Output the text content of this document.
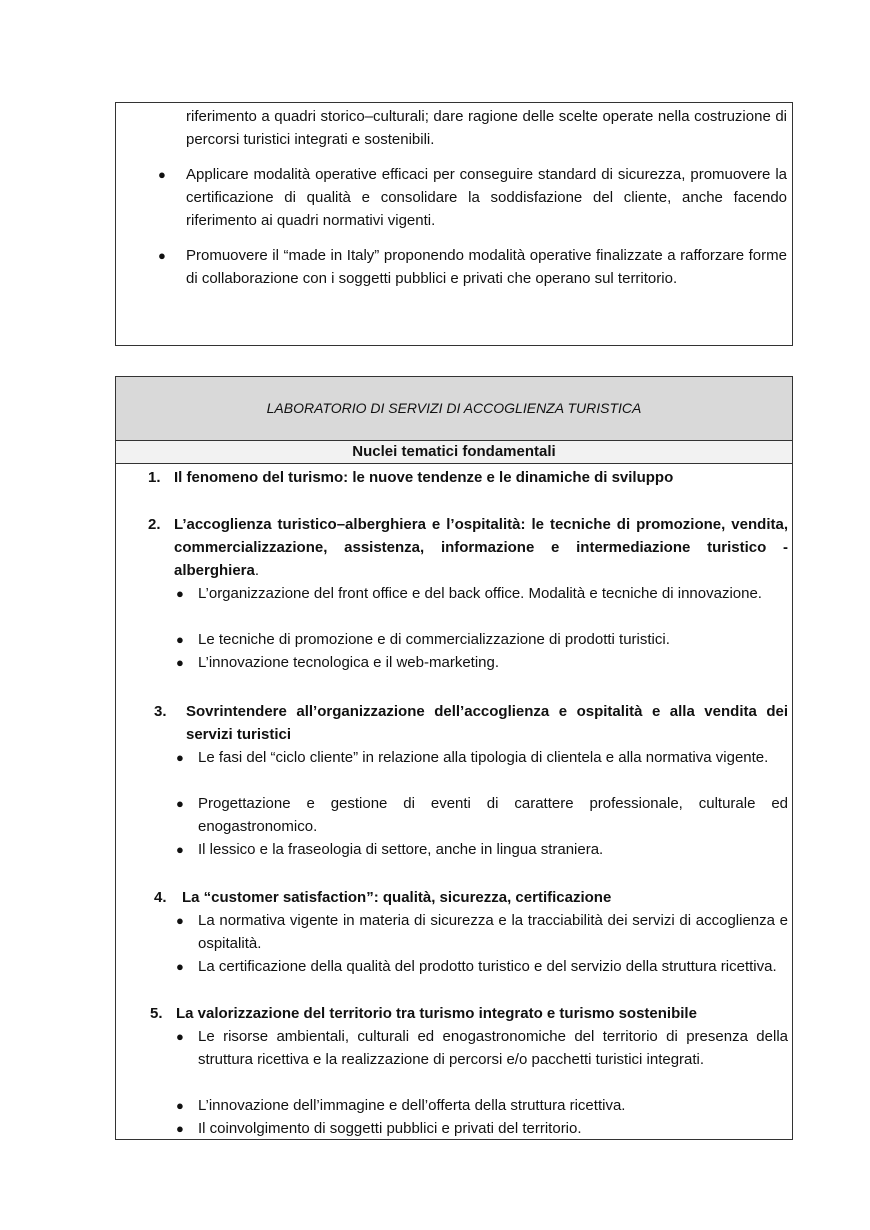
riferimento a quadri storico–culturali; dare ragione delle scelte operate nella costruzione di percorsi turistici integrati e sostenibili.

● Applicare modalità operative efficaci per conseguire standard di sicurezza, promuovere la certificazione di qualità e consolidare la soddisfazione del cliente, anche facendo riferimento ai quadri normativi vigenti.
● Promuovere il “made in Italy” proponendo modalità operative finalizzate a rafforzare forme di collaborazione con i soggetti pubblici e privati che operano sul territorio.
LABORATORIO DI SERVIZI DI ACCOGLIENZA TURISTICA
Nuclei tematici fondamentali
1. Il fenomeno del turismo: le nuove tendenze e le dinamiche di sviluppo
2. L’accoglienza turistico–alberghiera e l’ospitalità: le tecniche di promozione, vendita, commercializzazione, assistenza, informazione e intermediazione turistico - alberghiera.
● L’organizzazione del front office e del back office. Modalità e tecniche di innovazione.
● Le tecniche di promozione e di commercializzazione di prodotti turistici.
● L’innovazione tecnologica e il web-marketing.
3. Sovrintendere all’organizzazione dell’accoglienza e ospitalità e alla vendita dei servizi turistici
● Le fasi del “ciclo cliente” in relazione alla tipologia di clientela e alla normativa vigente.
● Progettazione e gestione di eventi di carattere professionale, culturale ed enogastronomico.
● Il lessico e la fraseologia di settore, anche in lingua straniera.
4. La “customer satisfaction”: qualità, sicurezza, certificazione
● La normativa vigente in materia di sicurezza e la tracciabilità dei servizi di accoglienza e ospitalità.
● La certificazione della qualità del prodotto turistico e del servizio della struttura ricettiva.
5. La valorizzazione del territorio tra turismo integrato e turismo sostenibile
● Le risorse ambientali, culturali ed enogastronomiche del territorio di presenza della struttura ricettiva e la realizzazione di percorsi e/o pacchetti turistici integrati.
● L’innovazione dell’immagine e dell’offerta della struttura ricettiva.
● Il coinvolgimento di soggetti pubblici e privati del territorio.
